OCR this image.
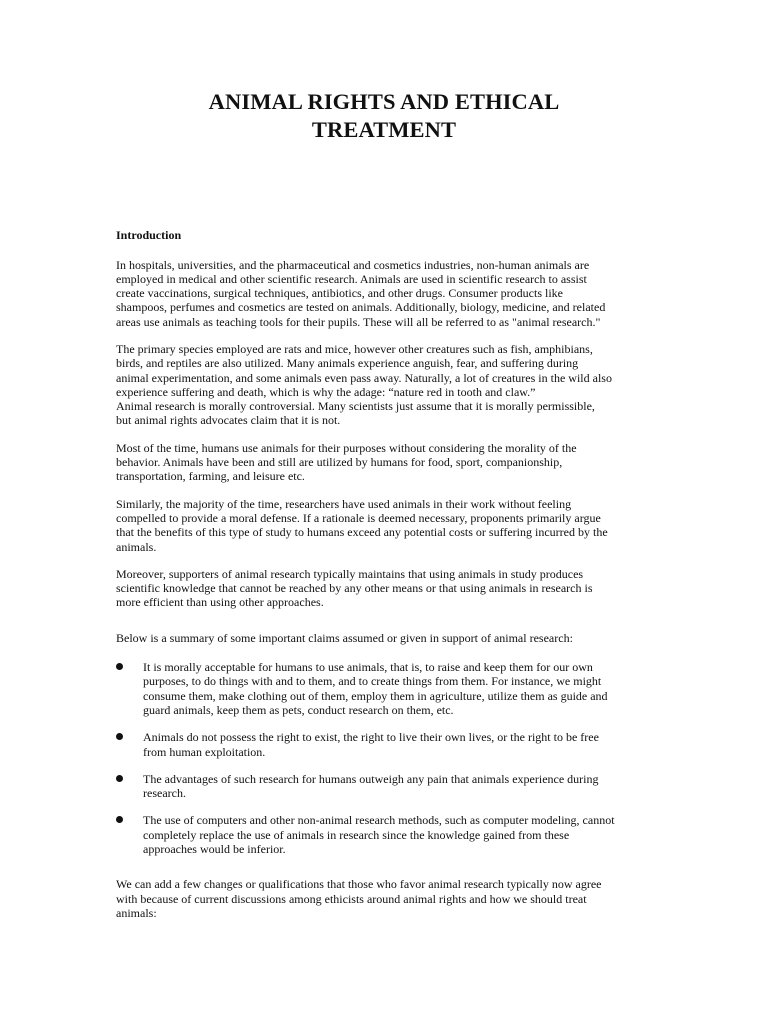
ANIMAL RIGHTS AND ETHICAL
TREATMENT
Introduction

In hospitals, universities, and the pharmaceutical and cosmetics industries, non-human animals are
employed in medical and other scientific research. Animals are used in scientific research to assist
create vaccinations, surgical techniques, antibiotics, and other drugs. Consumer products like
shampoos, perfumes and cosmetics are tested on animals. Additionally, biology, medicine, and related
areas use animals as teaching tools for their pupils. These will all be referred to as "animal research."

The primary species employed are rats and mice, however other creatures such as fish, amphibians,
birds, and reptiles are also utilized. Many animals experience anguish, fear, and suffering during
animal experimentation, and some animals even pass away. Naturally, a lot of creatures in the wild also
experience suffering and death, which is why the adage: “nature red in tooth and claw.”
Animal research is morally controversial. Many scientists just assume that it is morally permissible,
but animal rights advocates claim that it is not.

Most of the time, humans use animals for their purposes without considering the morality of the
behavior. Animals have been and still are utilized by humans for food, sport, companionship,
transportation, farming, and leisure etc.

Similarly, the majority of the time, researchers have used animals in their work without feeling
compelled to provide a moral defense. If a rationale is deemed necessary, proponents primarily argue
that the benefits of this type of study to humans exceed any potential costs or suffering incurred by the
animals.

Moreover, supporters of animal research typically maintains that using animals in study produces
scientific knowledge that cannot be reached by any other means or that using animals in research is
more efficient than using other approaches.

Below is a summary of some important claims assumed or given in support of animal research:

It is morally acceptable for humans to use animals, that is, to raise and keep them for our own
purposes, to do things with and to them, and to create things from them. For instance, we might
consume them, make clothing out of them, employ them in agriculture, utilize them as guide and
guard animals, keep them as pets, conduct research on them, etc.
Animals do not possess the right to exist, the right to live their own lives, or the right to be free
from human exploitation.
The advantages of such research for humans outweigh any pain that animals experience during
research.
The use of computers and other non-animal research methods, such as computer modeling, cannot
completely replace the use of animals in research since the knowledge gained from these
approaches would be inferior.

We can add a few changes or qualifications that those who favor animal research typically now agree
with because of current discussions among ethicists around animal rights and how we should treat
animals:
